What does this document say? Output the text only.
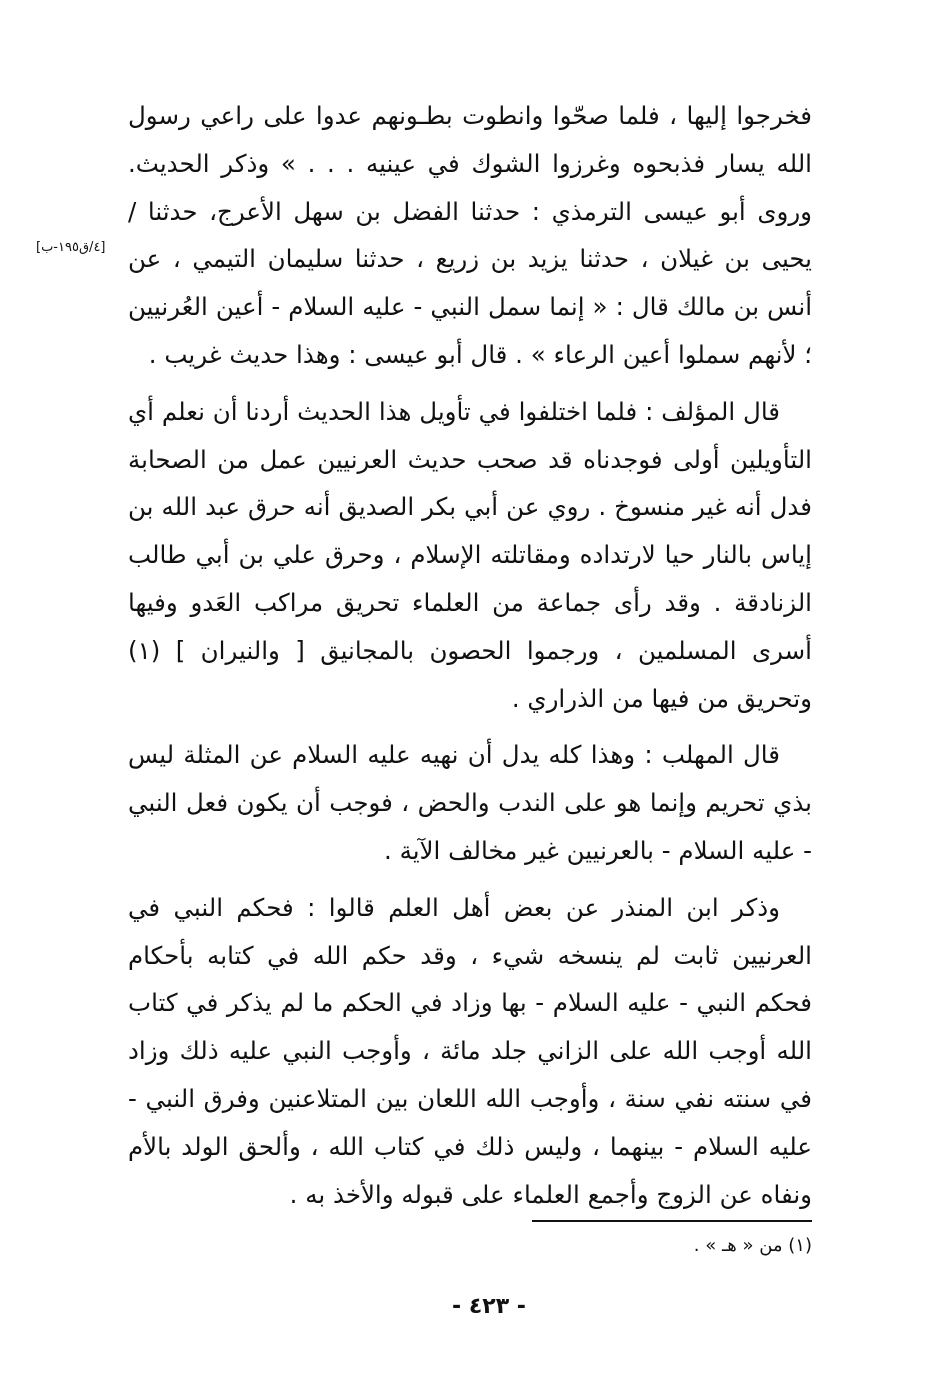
فخرجوا إليها ، فلما صحّوا وانطوت بطـونهم عدوا على راعي رسول الله يسار فذبحوه وغرزوا الشوك في عينيه . . . » وذكر الحديث. وروى أبو عيسى الترمذي : حدثنا الفضل بن سهل الأعرج، حدثنا / يحيى بن غيلان ، حدثنا يزيد بن زريع ، حدثنا سليمان التيمي ، عن أنس بن مالك قال : « إنما سمل النبي - عليه السلام - أعين العُرنيين ؛ لأنهم سملوا أعين الرعاء » . قال أبو عيسى : وهذا حديث غريب .

قال المؤلف : فلما اختلفوا في تأويل هذا الحديث أردنا أن نعلم أي التأويلين أولى فوجدناه قد صحب حديث العرنيين عمل من الصحابة فدل أنه غير منسوخ . روي عن أبي بكر الصديق أنه حرق عبد الله بن إياس بالنار حيا لارتداده ومقاتلته الإسلام ، وحرق علي بن أبي طالب الزنادقة . وقد رأى جماعة من العلماء تحريق مراكب العَدو وفيها أسرى المسلمين ، ورجموا الحصون بالمجانيق [ والنيران ] (١) وتحريق من فيها من الذراري .

قال المهلب : وهذا كله يدل أن نهيه عليه السلام عن المثلة ليس بذي تحريم وإنما هو على الندب والحض ، فوجب أن يكون فعل النبي - عليه السلام - بالعرنيين غير مخالف الآية .

وذكر ابن المنذر عن بعض أهل العلم قالوا : فحكم النبي في العرنيين ثابت لم ينسخه شيء ، وقد حكم الله في كتابه بأحكام فحكم النبي - عليه السلام - بها وزاد في الحكم ما لم يذكر في كتاب الله أوجب الله على الزاني جلد مائة ، وأوجب النبي عليه ذلك وزاد في سنته نفي سنة ، وأوجب الله اللعان بين المتلاعنين وفرق النبي - عليه السلام - بينهما ، وليس ذلك في كتاب الله ، وألحق الولد بالأم ونفاه عن الزوج وأجمع العلماء على قبوله والأخذ به .

[٤/ق١٩٥-ب]
(١) من « هـ » .
- ٤٢٣ -
